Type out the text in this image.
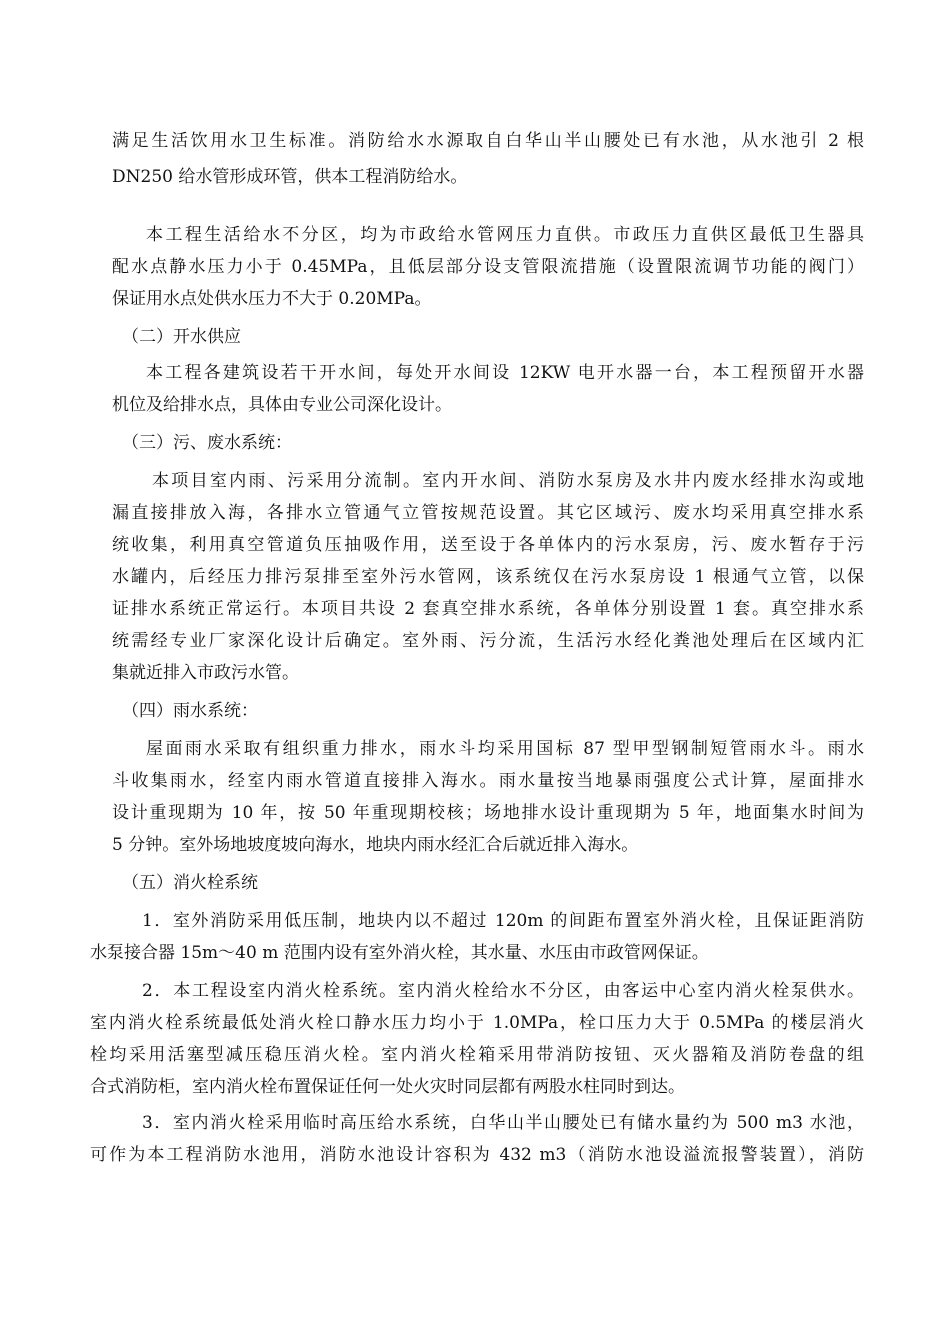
满足生活饮用水卫生标准。消防给水水源取自白华山半山腰处已有水池，从水池引 2 根
DN250 给水管形成环管，供本工程消防给水。
本工程生活给水不分区，均为市政给水管网压力直供。市政压力直供区最低卫生器具
配水点静水压力小于 0.45MPa，且低层部分设支管限流措施（设置限流调节功能的阀门）
保证用水点处供水压力不大于 0.20MPa。
（二）开水供应
本工程各建筑设若干开水间，每处开水间设 12KW 电开水器一台，本工程预留开水器
机位及给排水点，具体由专业公司深化设计。
（三）污、废水系统：
本项目室内雨、污采用分流制。室内开水间、消防水泵房及水井内废水经排水沟或地
漏直接排放入海，各排水立管通气立管按规范设置。其它区域污、废水均采用真空排水系
统收集，利用真空管道负压抽吸作用，送至设于各单体内的污水泵房，污、废水暂存于污
水罐内，后经压力排污泵排至室外污水管网，该系统仅在污水泵房设 1 根通气立管，以保
证排水系统正常运行。本项目共设 2 套真空排水系统，各单体分别设置 1 套。真空排水系
统需经专业厂家深化设计后确定。室外雨、污分流，生活污水经化粪池处理后在区域内汇
集就近排入市政污水管。
（四）雨水系统：
屋面雨水采取有组织重力排水，雨水斗均采用国标 87 型甲型钢制短管雨水斗。雨水
斗收集雨水，经室内雨水管道直接排入海水。雨水量按当地暴雨强度公式计算，屋面排水
设计重现期为 10 年，按 50 年重现期校核；场地排水设计重现期为 5 年，地面集水时间为
5 分钟。室外场地坡度坡向海水，地块内雨水经汇合后就近排入海水。
（五）消火栓系统
1．室外消防采用低压制，地块内以不超过 120m 的间距布置室外消火栓，且保证距消防
水泵接合器 15m～40 m 范围内设有室外消火栓，其水量、水压由市政管网保证。
2．本工程设室内消火栓系统。室内消火栓给水不分区，由客运中心室内消火栓泵供水。
室内消火栓系统最低处消火栓口静水压力均小于 1.0MPa，栓口压力大于 0.5MPa 的楼层消火
栓均采用活塞型减压稳压消火栓。室内消火栓箱采用带消防按钮、灭火器箱及消防卷盘的组
合式消防柜，室内消火栓布置保证任何一处火灾时同层都有两股水柱同时到达。
3．室内消火栓采用临时高压给水系统，白华山半山腰处已有储水量约为 500 m3 水池，
可作为本工程消防水池用，消防水池设计容积为 432 m3（消防水池设溢流报警装置），消防
